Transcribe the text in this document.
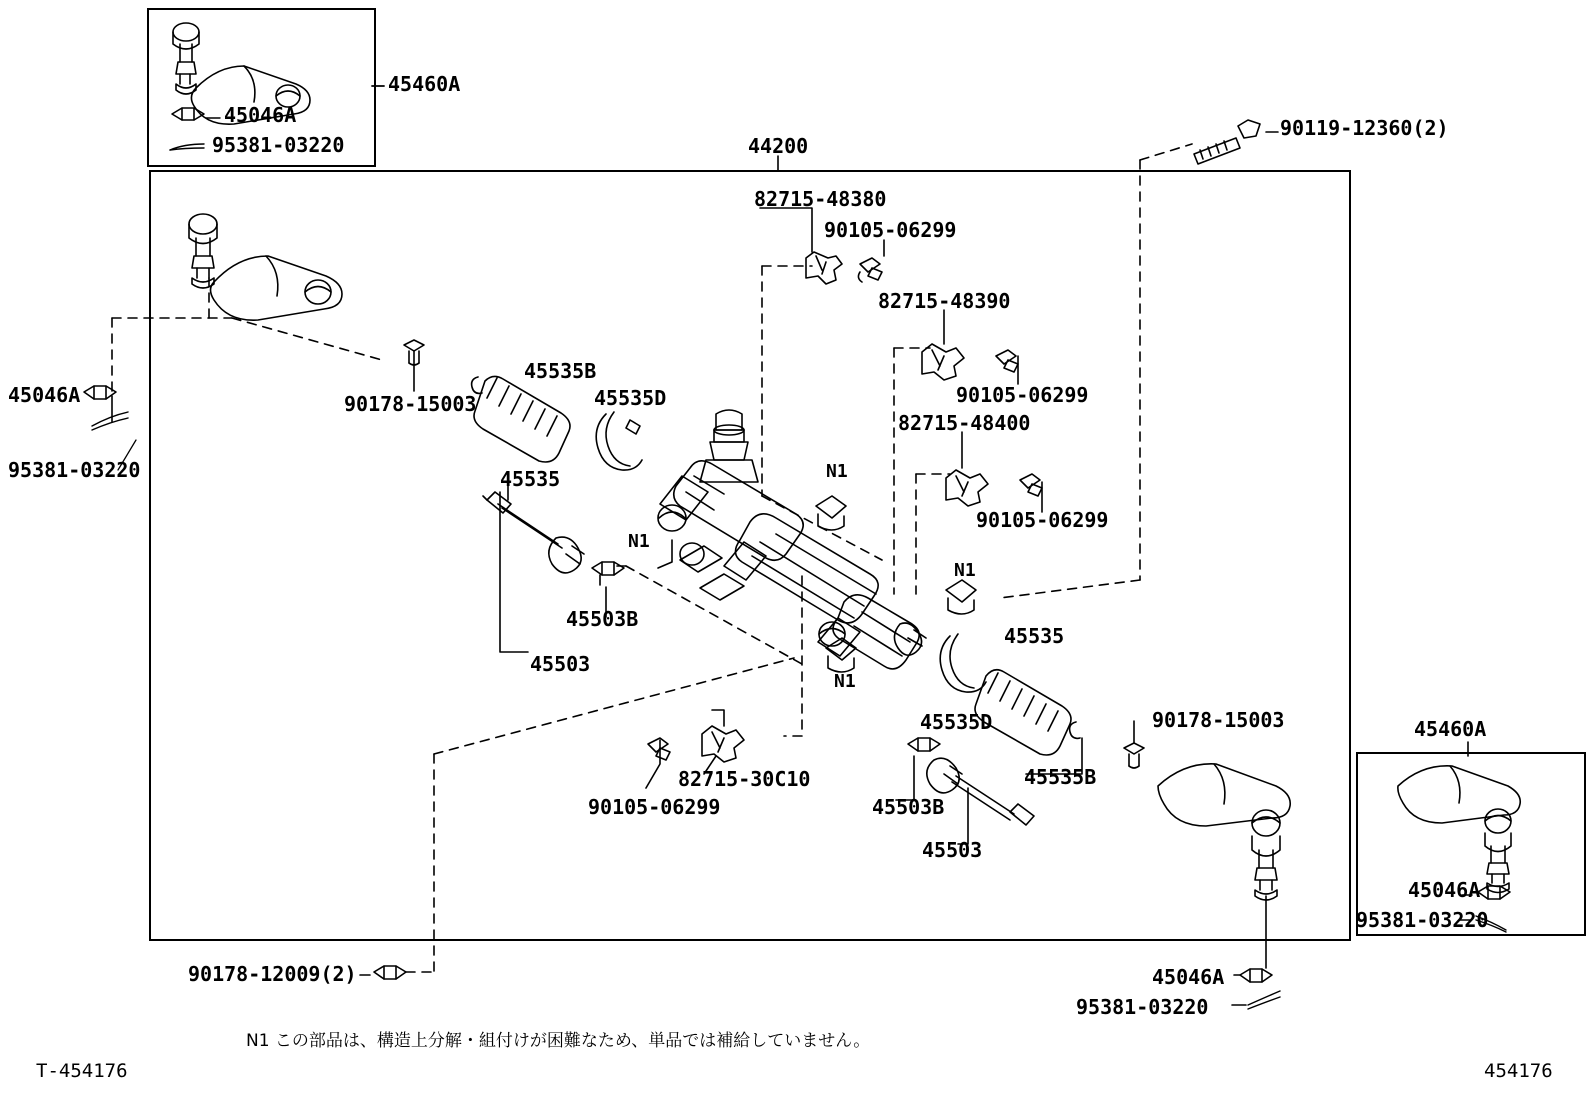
45460A
45046A
95381-03220	44200
90119-12360(2)
82715-48380
90105-06299
82715-48390
90105-06299
82715-48400
90105-06299
45535B
45535D
90178-15003
45535
45046A
95381-03220
45503B
45503
45535
45535D
45535B
90178-15003
82715-30C10
90105-06299	45503B
45503
45460A
45046A
95381-03220
90178-12009(2)	45046A
95381-03220
N1
N1
N1
N1
N1 この部品は、構造上分解・組付けが困難なため、単品では補給していません。
T-454176	454176
